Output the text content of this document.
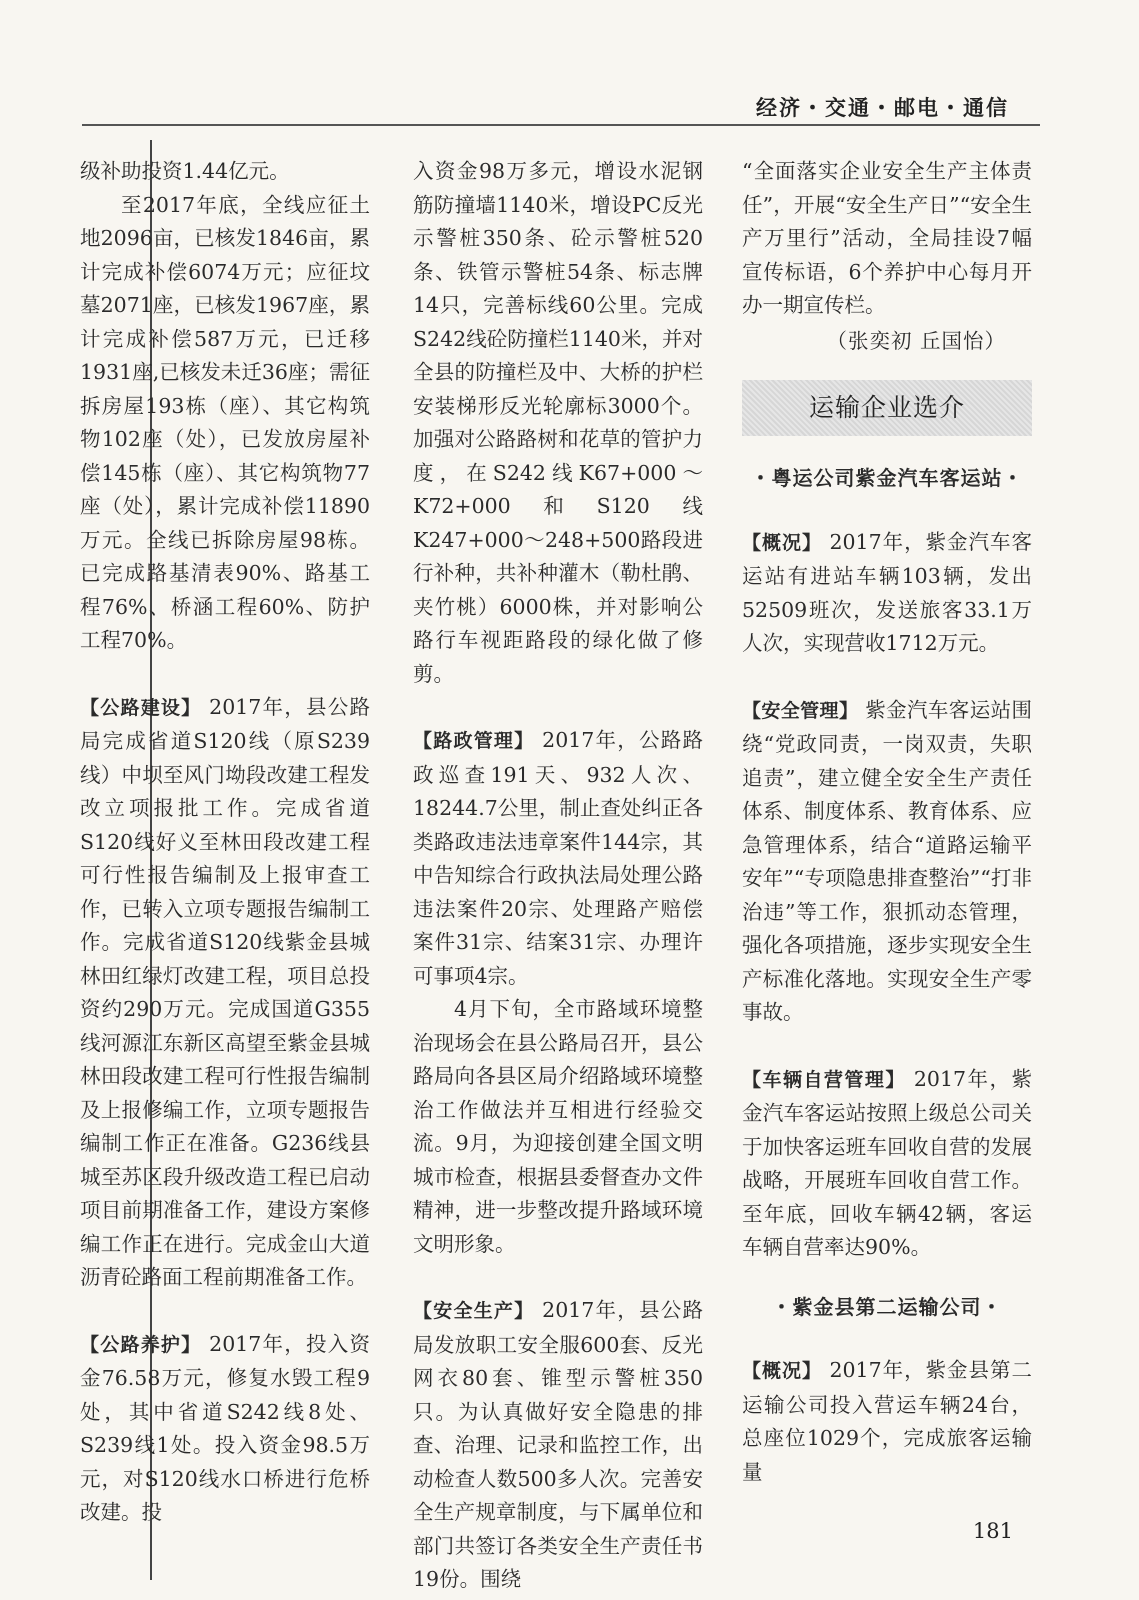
经济・交通・邮电・通信

级补助投资1.44亿元。

至2017年底，全线应征土地2096亩，已核发1846亩，累计完成补偿6074万元；应征坟墓2071座，已核发1967座，累计完成补偿587万元，已迁移1931座,已核发未迁36座；需征拆房屋193栋（座）、其它构筑物102座（处），已发放房屋补偿145栋（座）、其它构筑物77座（处），累计完成补偿11890万元。全线已拆除房屋98栋。已完成路基清表90%、路基工程76%、桥涵工程60%、防护工程70%。

【公路建设】 2017年，县公路局完成省道S120线（原S239线）中坝至风门坳段改建工程发改立项报批工作。完成省道S120线好义至林田段改建工程可行性报告编制及上报审查工作，已转入立项专题报告编制工作。完成省道S120线紫金县城林田红绿灯改建工程，项目总投资约290万元。完成国道G355线河源江东新区高望至紫金县城林田段改建工程可行性报告编制及上报修编工作，立项专题报告编制工作正在准备。G236线县城至苏区段升级改造工程已启动项目前期准备工作，建设方案修编工作正在进行。完成金山大道沥青砼路面工程前期准备工作。

【公路养护】 2017年，投入资金76.58万元，修复水毁工程9处，其中省道S242线8处、S239线1处。投入资金98.5万元，对S120线水口桥进行危桥改建。投

入资金98万多元，增设水泥钢筋防撞墙1140米，增设PC反光示警桩350条、砼示警桩520条、铁管示警桩54条、标志牌14只，完善标线60公里。完成S242线砼防撞栏1140米，并对全县的防撞栏及中、大桥的护栏安装梯形反光轮廓标3000个。加强对公路路树和花草的管护力度，在S242线K67+000～K72+000和S120线K247+000～248+500路段进行补种，共补种灌木（勒杜鹃、夹竹桃）6000株，并对影响公路行车视距路段的绿化做了修剪。

【路政管理】 2017年，公路路政巡查191天、932人次、18244.7公里，制止查处纠正各类路政违法违章案件144宗，其中告知综合行政执法局处理公路违法案件20宗、处理路产赔偿案件31宗、结案31宗、办理许可事项4宗。

4月下旬，全市路域环境整治现场会在县公路局召开，县公路局向各县区局介绍路域环境整治工作做法并互相进行经验交流。9月，为迎接创建全国文明城市检查，根据县委督查办文件精神，进一步整改提升路域环境文明形象。

【安全生产】 2017年，县公路局发放职工安全服600套、反光网衣80套、锥型示警桩350只。为认真做好安全隐患的排查、治理、记录和监控工作，出动检查人数500多人次。完善安全生产规章制度，与下属单位和部门共签订各类安全生产责任书19份。围绕

“全面落实企业安全生产主体责任”，开展“安全生产日”“安全生产万里行”活动，全局挂设7幅宣传标语，6个养护中心每月开办一期宣传栏。

（张奕初 丘国怡）

运输企业选介
・粤运公司紫金汽车客运站・

【概况】 2017年，紫金汽车客运站有进站车辆103辆，发出52509班次，发送旅客33.1万人次，实现营收1712万元。

【安全管理】 紫金汽车客运站围绕“党政同责，一岗双责，失职追责”，建立健全安全生产责任体系、制度体系、教育体系、应急管理体系，结合“道路运输平安年”“专项隐患排查整治”“打非治违”等工作，狠抓动态管理，强化各项措施，逐步实现安全生产标准化落地。实现安全生产零事故。

【车辆自营管理】 2017年，紫金汽车客运站按照上级总公司关于加快客运班车回收自营的发展战略，开展班车回收自营工作。至年底，回收车辆42辆，客运车辆自营率达90%。

・紫金县第二运输公司・

【概况】 2017年，紫金县第二运输公司投入营运车辆24台，总座位1029个，完成旅客运输量

181
